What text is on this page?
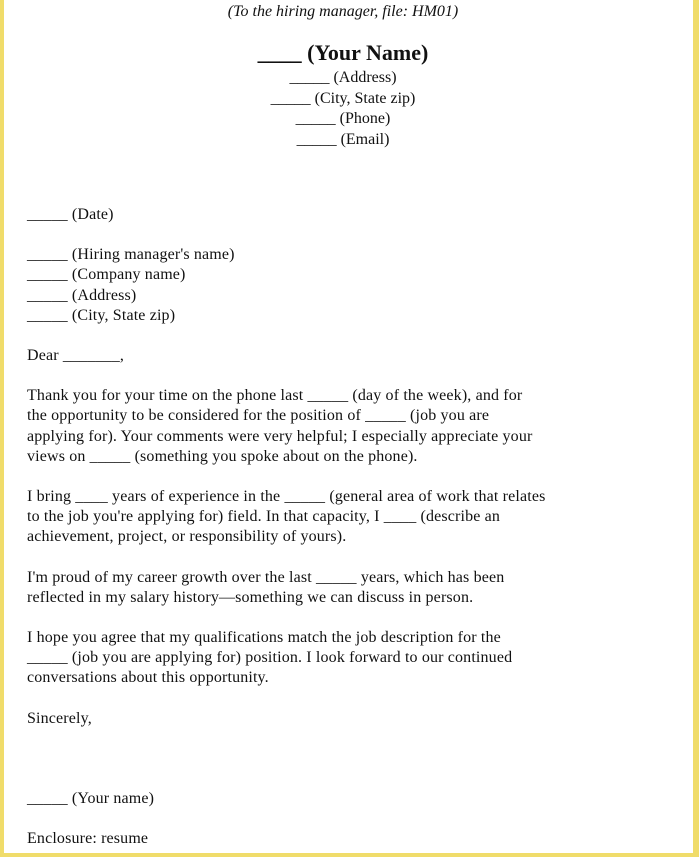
(To the hiring manager, file: HM01)
____ (Your Name)
_____ (Address)
_____ (City, State zip)
_____ (Phone)
_____ (Email)

_____ (Date)

_____ (Hiring manager's name)

_____ (Company name)

_____ (Address)

_____ (City, State zip)

Dear _______,

Thank you for your time on the phone last _____ (day of the week), and for

the opportunity to be considered for the position of _____ (job you are

applying for). Your comments were very helpful; I especially appreciate your

views on _____ (something you spoke about on the phone).

I bring ____ years of experience in the _____ (general area of work that relates

to the job you're applying for) field. In that capacity, I ____ (describe an

achievement, project, or responsibility of yours).

I'm proud of my career growth over the last _____ years, which has been

reflected in my salary history—something we can discuss in person.

I hope you agree that my qualifications match the job description for the

_____ (job you are applying for) position. I look forward to our continued

conversations about this opportunity.

Sincerely,

_____ (Your name)

Enclosure: resume
